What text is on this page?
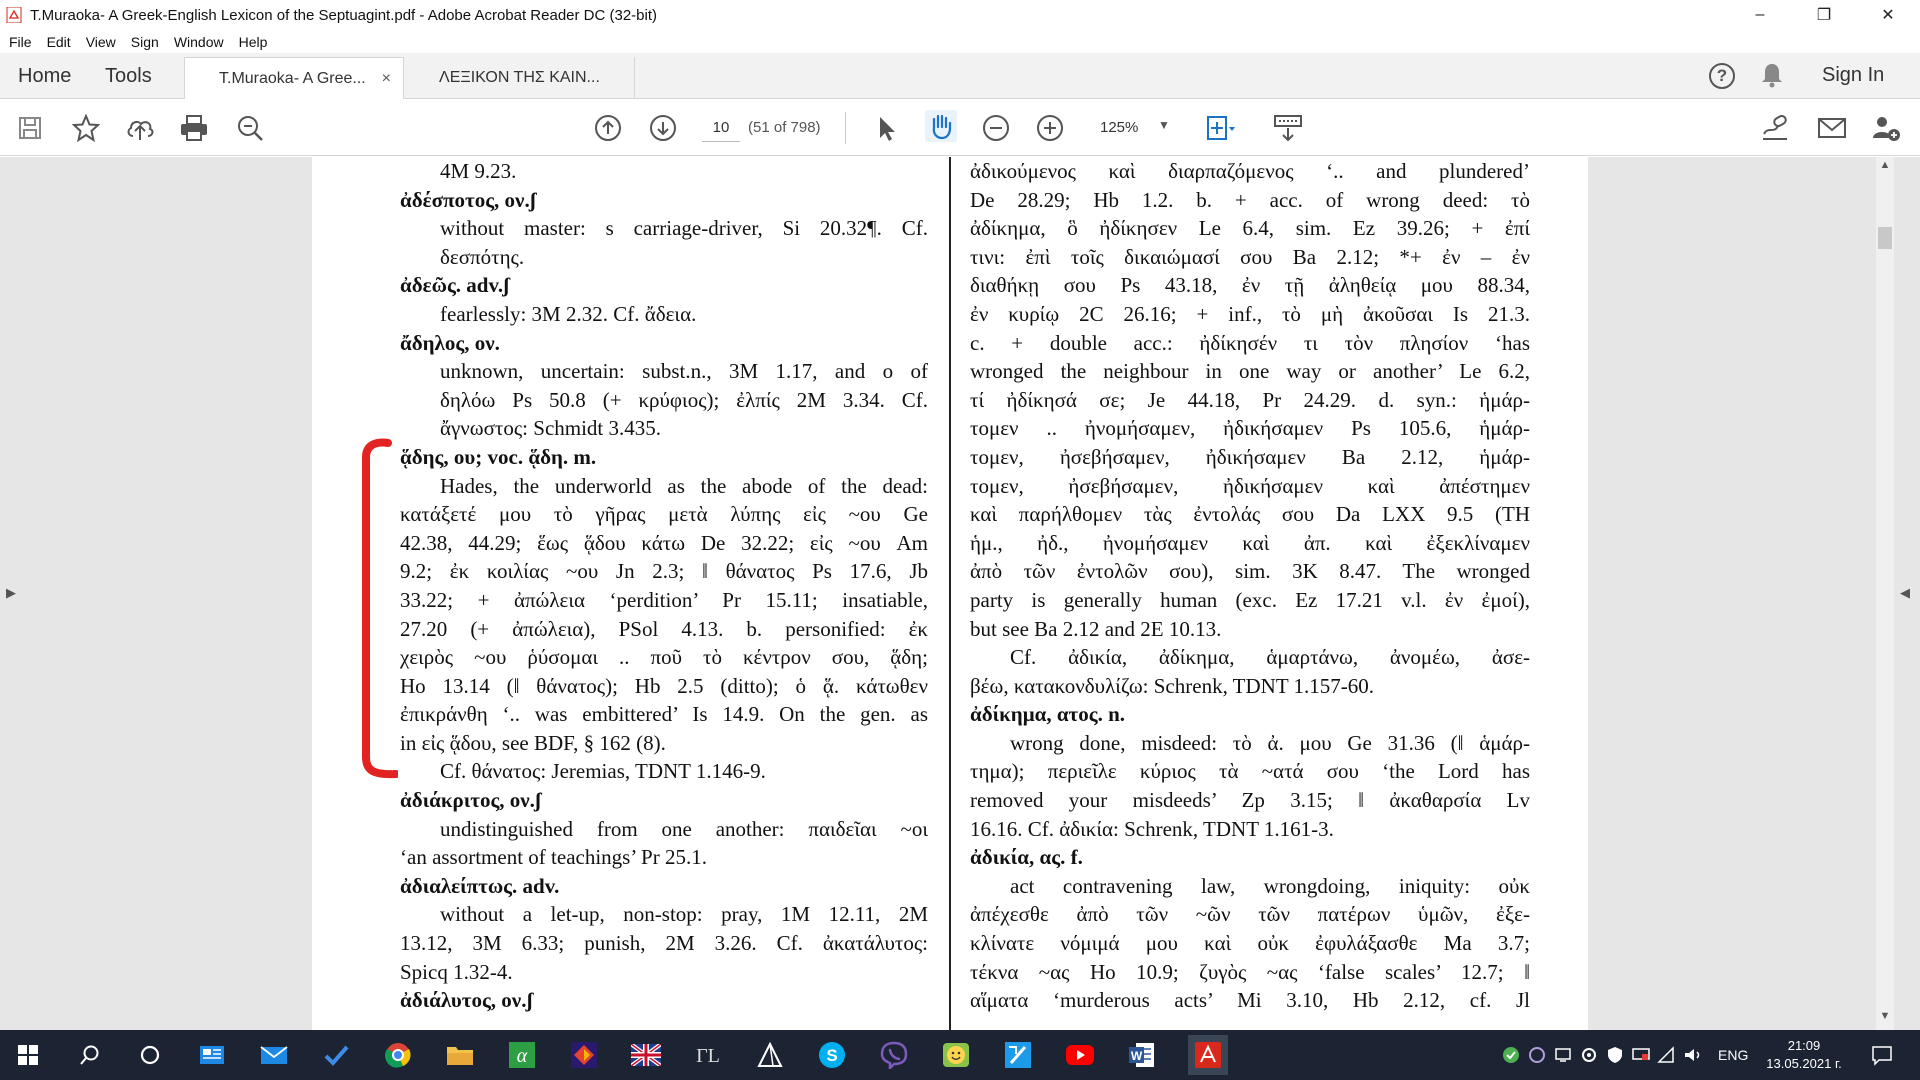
T.Muraoka- A Greek-English Lexicon of the Septuagint.pdf - Adobe Acrobat Reader DC (32-bit)	–	❐	✕
File Edit View Sign Window Help
Home Tools	T.Muraoka- A Gree... ×	ΛΕΞΙΚΟΝ ΤΗΣ ΚΑΙΝ...	?	Sign In
10	(51 of 798)	125% ▼
▶	◀
4M 9.23.
ἀδέσποτος, ον.ʃ
without master: s carriage-driver, Si 20.32¶. Cf.
δεσπότης.
ἀδεῶς. adv.ʃ
fearlessly: 3M 2.32. Cf. ἄδεια.
ἄδηλος, ον.
unknown, uncertain: subst.n., 3M 1.17, and o of
δηλόω Ps 50.8 (+ κρύφιος); ἐλπίς 2M 3.34. Cf.
ἄγνωστος: Schmidt 3.435.
ᾅδης, ου; voc. ᾅδη. m.
Hades, the underworld as the abode of the dead:
κατάξετέ μου τὸ γῆρας μετὰ λύπης εἰς ~ου Ge
42.38, 44.29; ἕως ᾅδου κάτω De 32.22; εἰς ~ου Am
9.2; ἐκ κοιλίας ~ου Jn 2.3; ‖ θάνατος Ps 17.6, Jb
33.22; + ἀπώλεια ‘perdition’ Pr 15.11; insatiable,
27.20 (+ ἀπώλεια), PSol 4.13. b. personified: ἐκ
χειρὸς ~ου ῥύσομαι .. ποῦ τὸ κέντρον σου, ᾅδη;
Ho 13.14 (‖ θάνατος); Hb 2.5 (ditto); ὁ ᾅ. κάτωθεν
ἐπικράνθη ‘.. was embittered’ Is 14.9. On the gen. as
in εἰς ᾅδου, see BDF, § 162 (8).
Cf. θάνατος: Jeremias, TDNT 1.146-9.
ἀδιάκριτος, ον.ʃ
undistinguished from one another: παιδεῖαι ~οι
‘an assortment of teachings’ Pr 25.1.
ἀδιαλείπτως. adv.
without a let-up, non-stop: pray, 1M 12.11, 2M
13.12, 3M 6.33; punish, 2M 3.26. Cf. ἀκατάλυτος:
Spicq 1.32-4.
ἀδιάλυτος, ον.ʃ
ἀδικούμενος καὶ διαρπαζόμενος ‘.. and plundered’
De 28.29; Hb 1.2. b. + acc. of wrong deed: τὸ
ἀδίκημα, ὃ ἠδίκησεν Le 6.4, sim. Ez 39.26; + ἐπί
τινι: ἐπὶ τοῖς δικαιώμασί σου Ba 2.12; *+ ἐν – ἐν
διαθήκῃ σου Ps 43.18, ἐν τῇ ἀληθείᾳ μου 88.34,
ἐν κυρίῳ 2C 26.16; + inf., τὸ μὴ ἀκοῦσαι Is 21.3.
c. + double acc.: ἠδίκησέν τι τὸν πλησίον ‘has
wronged the neighbour in one way or another’ Le 6.2,
τί ἠδίκησά σε; Je 44.18, Pr 24.29. d. syn.: ἡμάρ-
τομεν .. ἠνομήσαμεν, ἠδικήσαμεν Ps 105.6, ἡμάρ-
τομεν, ἠσεβήσαμεν, ἠδικήσαμεν Ba 2.12, ἡμάρ-
τομεν, ἠσεβήσαμεν, ἠδικήσαμεν καὶ ἀπέστημεν
καὶ παρήλθομεν τὰς ἐντολάς σου Da LXX 9.5 (TH
ἡμ., ἠδ., ἠνομήσαμεν καὶ ἀπ. καὶ ἐξεκλίναμεν
ἀπὸ τῶν ἐντολῶν σου), sim. 3K 8.47. The wronged
party is generally human (exc. Ez 17.21 v.l. ἐν ἐμοί),
but see Ba 2.12 and 2E 10.13.
Cf. ἀδικία, ἀδίκημα, ἁμαρτάνω, ἀνομέω, ἀσε-
βέω, κατακονδυλίζω: Schrenk, TDNT 1.157-60.
ἀδίκημα, ατος. n.
wrong done, misdeed: τὸ ἀ. μου Ge 31.36 (‖ ἁμάρ-
τημα); περιεῖλε κύριος τὰ ~ατά σου ‘the Lord has
removed your misdeeds’ Zp 3.15; ‖ ἀκαθαρσία Lv
16.16. Cf. ἀδικία: Schrenk, TDNT 1.161-3.
ἀδικία, ας. f.
act contravening law, wrongdoing, iniquity: οὐκ
ἀπέχεσθε ἀπὸ τῶν ~ῶν τῶν πατέρων ὑμῶν, ἐξε-
κλίνατε νόμιμά μου καὶ οὐκ ἐφυλάξασθε Ma 3.7;
τέκνα ~ας Ho 10.9; ζυγὸς ~ας ‘false scales’ 12.7; ‖
αἵματα ‘murderous acts’ Mi 3.10, Hb 2.12, cf. Jl
▲
▼
α	ΓL	S	W	ENG
21:09
13.05.2021 г.
